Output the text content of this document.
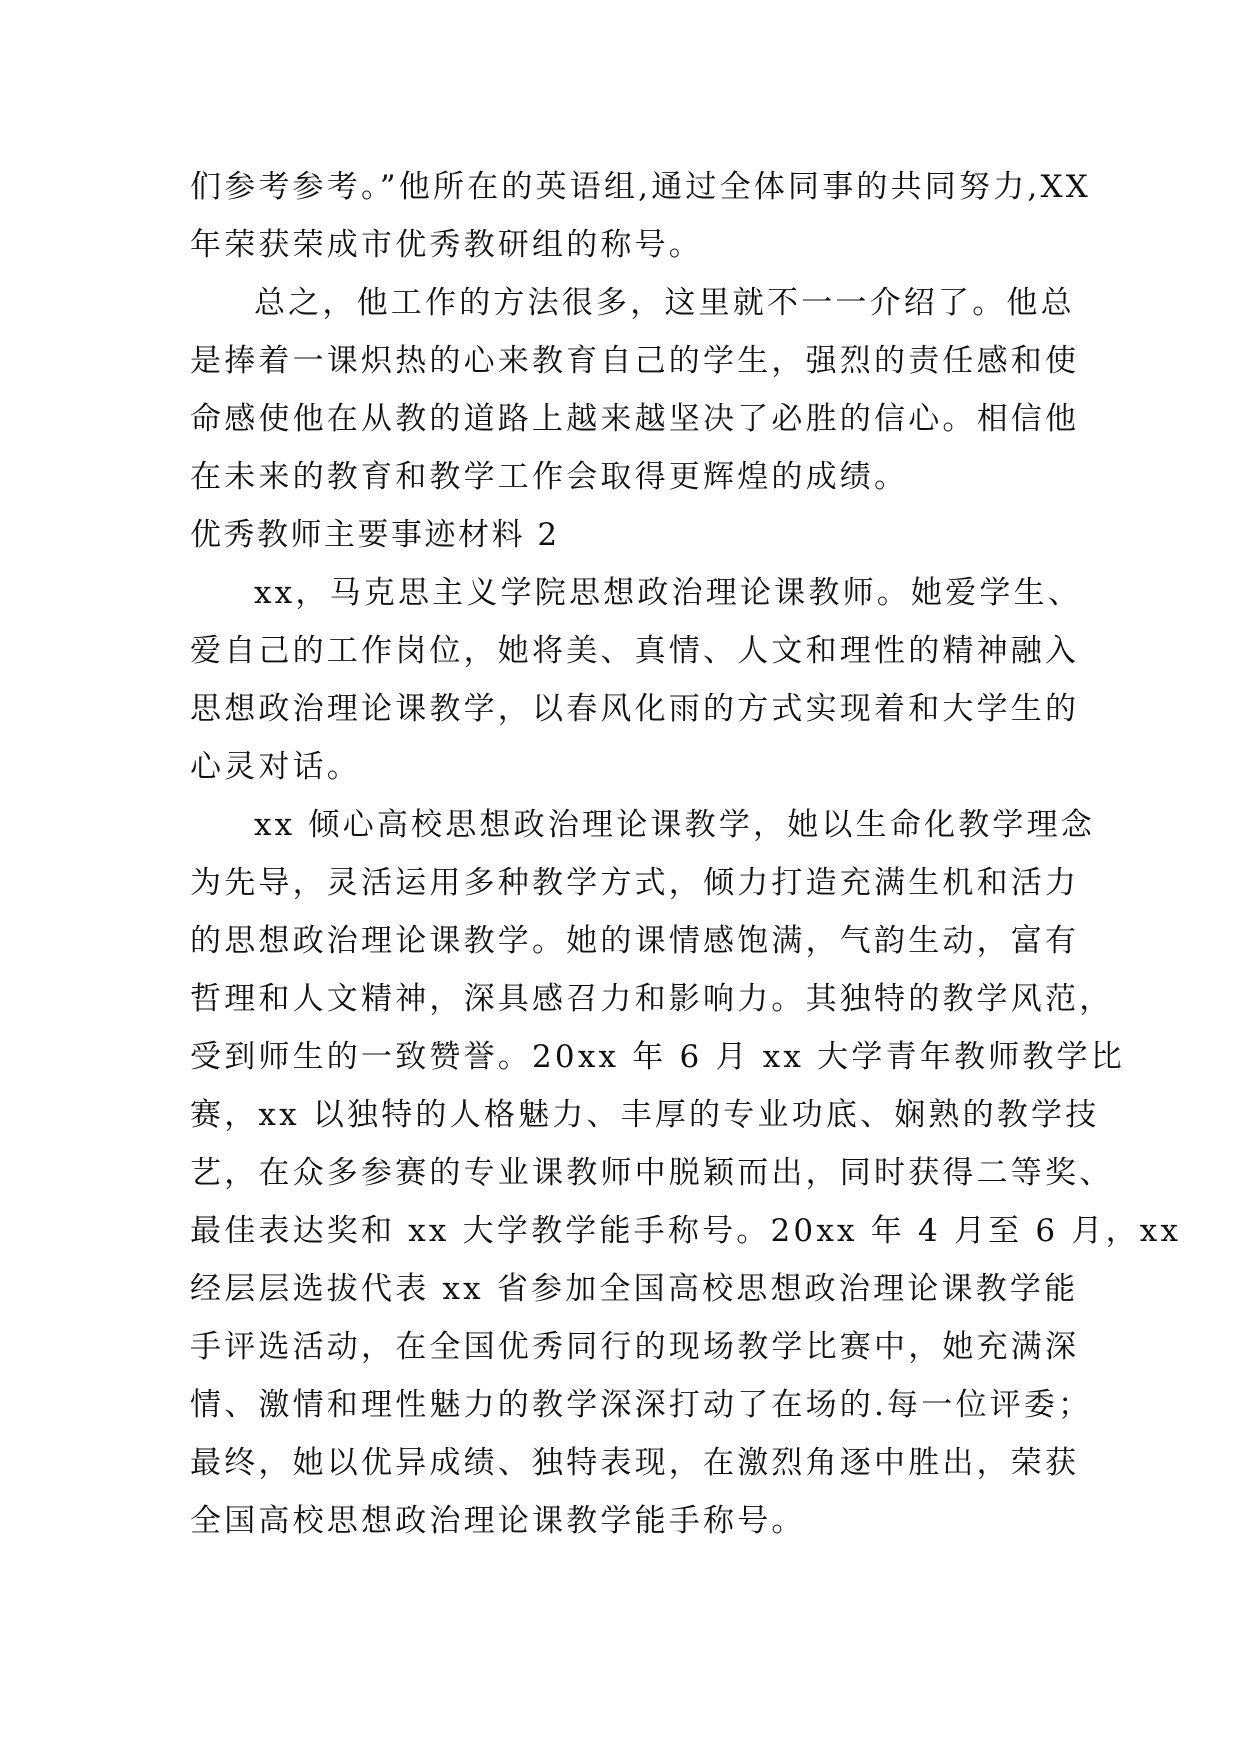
们参考参考。”他所在的英语组,通过全体同事的共同努力,XX
年荣获荣成市优秀教研组的称号。
总之，他工作的方法很多，这里就不一一介绍了。他总
是捧着一课炽热的心来教育自己的学生，强烈的责任感和使
命感使他在从教的道路上越来越坚决了必胜的信心。相信他
在未来的教育和教学工作会取得更辉煌的成绩。
优秀教师主要事迹材料 2
xx，马克思主义学院思想政治理论课教师。她爱学生、
爱自己的工作岗位，她将美、真情、人文和理性的精神融入
思想政治理论课教学，以春风化雨的方式实现着和大学生的
心灵对话。
xx 倾心高校思想政治理论课教学，她以生命化教学理念
为先导，灵活运用多种教学方式，倾力打造充满生机和活力
的思想政治理论课教学。她的课情感饱满，气韵生动，富有
哲理和人文精神，深具感召力和影响力。其独特的教学风范，
受到师生的一致赞誉。20xx 年 6 月 xx 大学青年教师教学比
赛，xx 以独特的人格魅力、丰厚的专业功底、娴熟的教学技
艺，在众多参赛的专业课教师中脱颖而出，同时获得二等奖、
最佳表达奖和 xx 大学教学能手称号。20xx 年 4 月至 6 月，xx
经层层选拔代表 xx 省参加全国高校思想政治理论课教学能
手评选活动，在全国优秀同行的现场教学比赛中，她充满深
情、激情和理性魅力的教学深深打动了在场的.每一位评委；
最终，她以优异成绩、独特表现，在激烈角逐中胜出，荣获
全国高校思想政治理论课教学能手称号。
